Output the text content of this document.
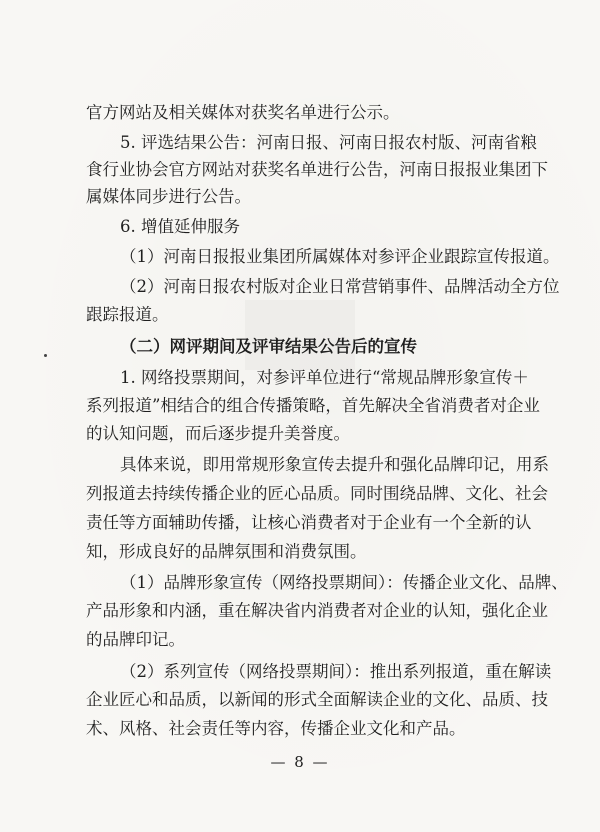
官方网站及相关媒体对获奖名单进行公示。
5. 评选结果公告：河南日报、河南日报农村版、河南省粮
食行业协会官方网站对获奖名单进行公告，河南日报报业集团下
属媒体同步进行公告。
6. 增值延伸服务
（1）河南日报报业集团所属媒体对参评企业跟踪宣传报道。
（2）河南日报农村版对企业日常营销事件、品牌活动全方位
跟踪报道。
（二）网评期间及评审结果公告后的宣传
1. 网络投票期间，对参评单位进行“常规品牌形象宣传＋
系列报道”相结合的组合传播策略，首先解决全省消费者对企业
的认知问题，而后逐步提升美誉度。
具体来说，即用常规形象宣传去提升和强化品牌印记，用系
列报道去持续传播企业的匠心品质。同时围绕品牌、文化、社会
责任等方面辅助传播，让核心消费者对于企业有一个全新的认
知，形成良好的品牌氛围和消费氛围。
（1）品牌形象宣传（网络投票期间）：传播企业文化、品牌、
产品形象和内涵，重在解决省内消费者对企业的认知，强化企业
的品牌印记。
（2）系列宣传（网络投票期间）：推出系列报道，重在解读
企业匠心和品质，以新闻的形式全面解读企业的文化、品质、技
术、风格、社会责任等内容，传播企业文化和产品。
— 8 —
